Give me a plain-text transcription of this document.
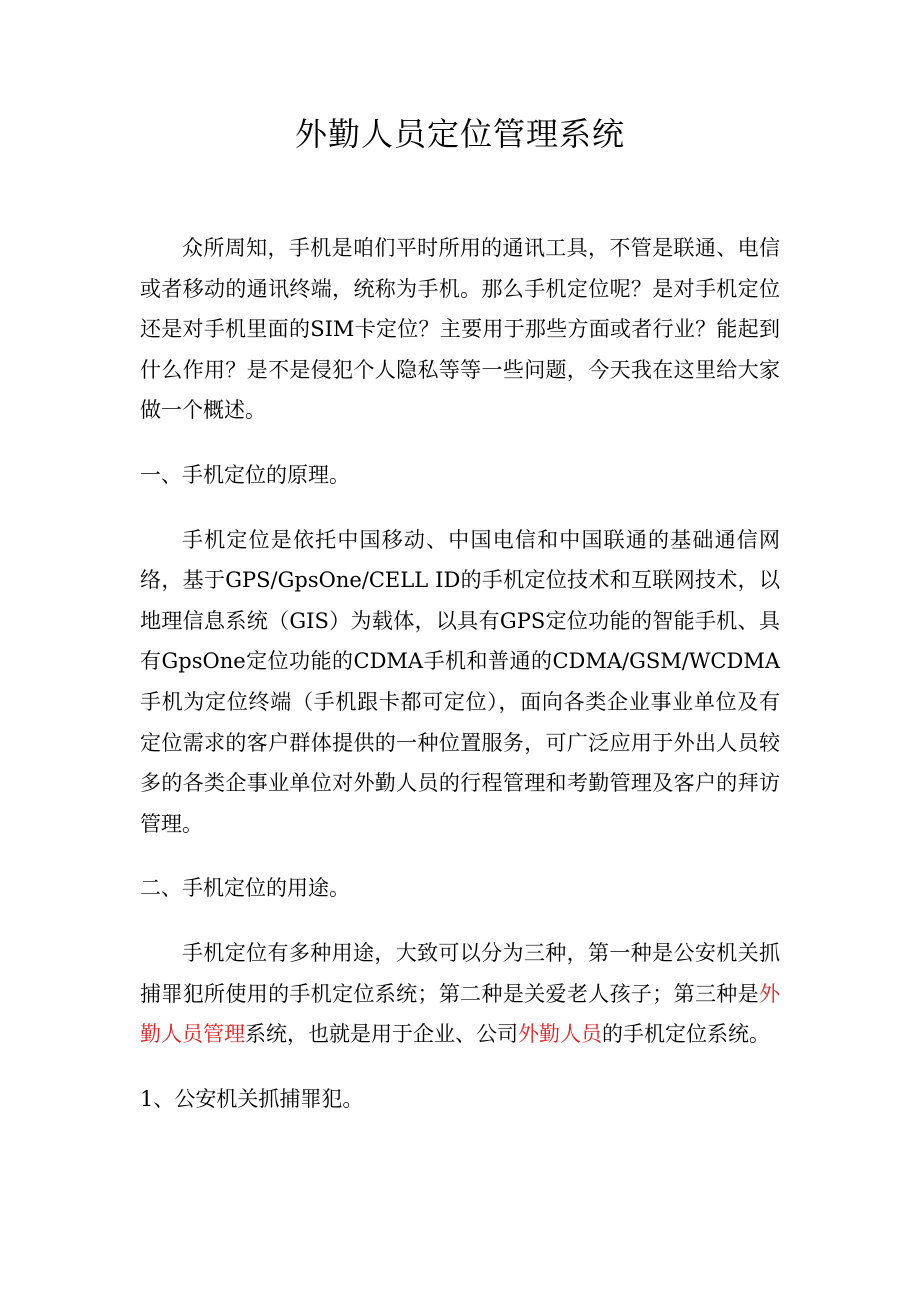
外勤人员定位管理系统

众所周知，手机是咱们平时所用的通讯工具，不管是联通、电信或者移动的通讯终端，统称为手机。那么手机定位呢？是对手机定位还是对手机里面的SIM卡定位？主要用于那些方面或者行业？能起到什么作用？是不是侵犯个人隐私等等一些问题，今天我在这里给大家做一个概述。

一、手机定位的原理。

手机定位是依托中国移动、中国电信和中国联通的基础通信网络，基于GPS/GpsOne/CELL ID的手机定位技术和互联网技术，以地理信息系统（GIS）为载体，以具有GPS定位功能的智能手机、具有GpsOne定位功能的CDMA手机和普通的CDMA/GSM/WCDMA手机为定位终端（手机跟卡都可定位），面向各类企业事业单位及有定位需求的客户群体提供的一种位置服务，可广泛应用于外出人员较多的各类企事业单位对外勤人员的行程管理和考勤管理及客户的拜访管理。

二、手机定位的用途。

手机定位有多种用途，大致可以分为三种，第一种是公安机关抓捕罪犯所使用的手机定位系统；第二种是关爱老人孩子；第三种是外勤人员管理系统，也就是用于企业、公司外勤人员的手机定位系统。

1、公安机关抓捕罪犯。
